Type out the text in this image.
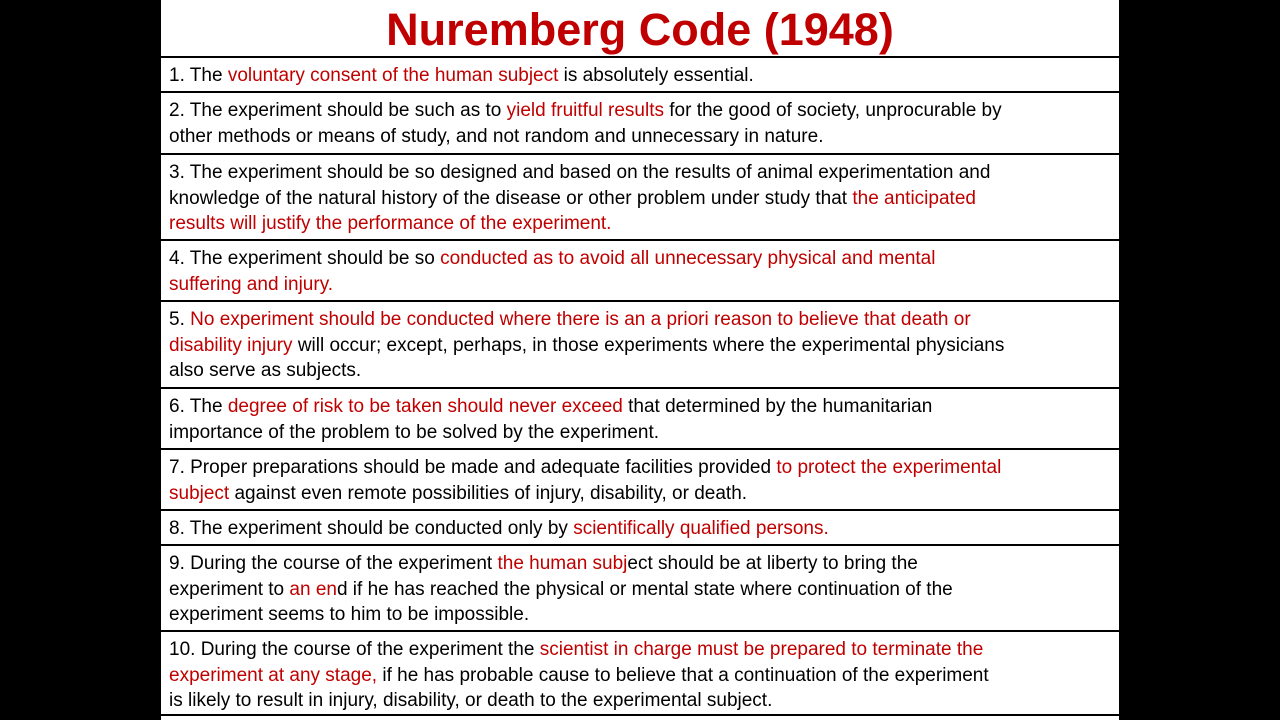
Nuremberg Code (1948)
1. The voluntary consent of the human subject is absolutely essential.
2. The experiment should be such as to yield fruitful results for the good of society, unprocurable by
other methods or means of study, and not random and unnecessary in nature.
3. The experiment should be so designed and based on the results of animal experimentation and
knowledge of the natural history of the disease or other problem under study that the anticipated
results will justify the performance of the experiment.
4. The experiment should be so conducted as to avoid all unnecessary physical and mental
suffering and injury.
5. No experiment should be conducted where there is an a priori reason to believe that death or
disability injury will occur; except, perhaps, in those experiments where the experimental physicians
also serve as subjects.
6. The degree of risk to be taken should never exceed that determined by the humanitarian
importance of the problem to be solved by the experiment.
7. Proper preparations should be made and adequate facilities provided to protect the experimental
subject against even remote possibilities of injury, disability, or death.
8. The experiment should be conducted only by scientifically qualified persons.
9. During the course of the experiment the human subject should be at liberty to bring the
experiment to an end if he has reached the physical or mental state where continuation of the
experiment seems to him to be impossible.
10. During the course of the experiment the scientist in charge must be prepared to terminate the
experiment at any stage, if he has probable cause to believe that a continuation of the experiment
is likely to result in injury, disability, or death to the experimental subject.
